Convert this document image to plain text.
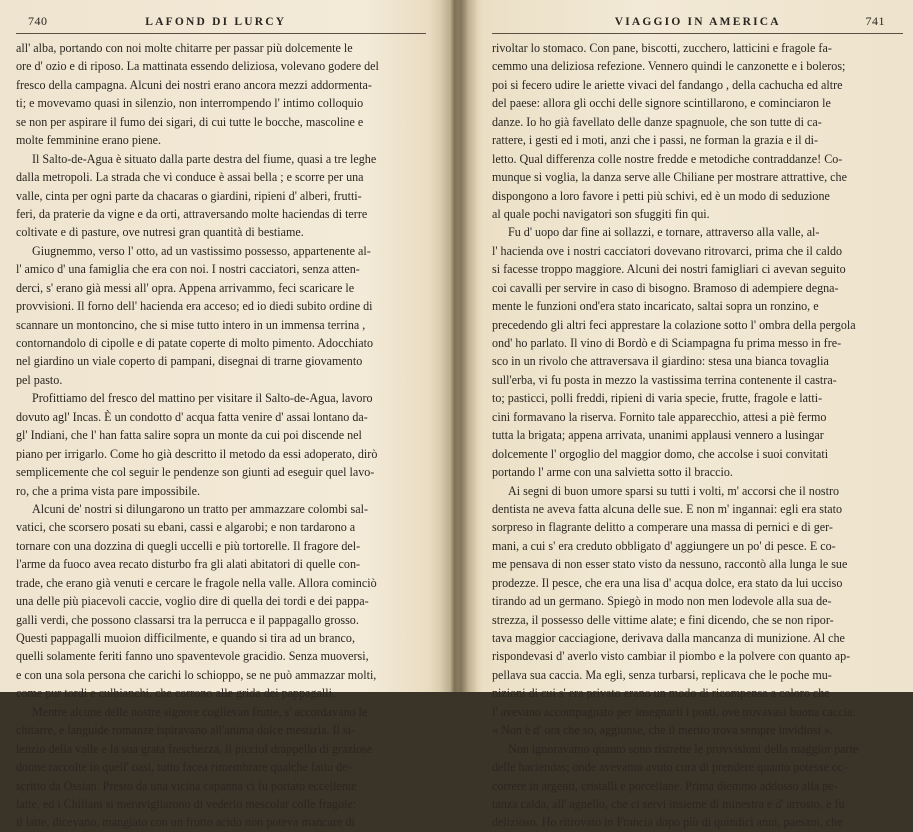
740	LAFOND DI LURCY
all' alba, portando con noi molte chitarre per passar più dolcemente le
ore d' ozio e di riposo. La mattinata essendo deliziosa, volevano godere del
fresco della campagna. Alcuni dei nostri erano ancora mezzi addormenta-
ti; e movevamo quasi in silenzio, non interrompendo l' intimo colloquio
se non per aspirare il fumo dei sigari, di cui tutte le bocche, mascoline e
molte femminine erano piene.
Il Salto-de-Agua è situato dalla parte destra del fiume, quasi a tre leghe
dalla metropoli. La strada che vi conduce è assai bella ; e scorre per una
valle, cinta per ogni parte da chacaras o giardini, ripieni d' alberi, frutti-
feri, da praterie da vigne e da orti, attraversando molte haciendas di terre
coltivate e di pasture, ove nutresi gran quantità di bestiame.
Giugnemmo, verso l' otto, ad un vastissimo possesso, appartenente al-
l' amico d' una famiglia che era con noi. I nostri cacciatori, senza atten-
derci, s' erano già messi all' opra. Appena arrivammo, feci scaricare le
provvisioni. Il forno dell' hacienda era acceso; ed io diedi subito ordine di
scannare un montoncino, che si mise tutto intero in un immensa terrina ,
contornandolo di cipolle e di patate coperte di molto pimento. Adocchiato
nel giardino un viale coperto di pampani, disegnai di trarne giovamento
pel pasto.
Profittiamo del fresco del mattino per visitare il Salto-de-Agua, lavoro
dovuto agl' Incas. È un condotto d' acqua fatta venire d' assai lontano da-
gl' Indiani, che l' han fatta salire sopra un monte da cui poi discende nel
piano per irrigarlo. Come ho già descritto il metodo da essi adoperato, dirò
semplicemente che col seguir le pendenze son giunti ad eseguir quel lavo-
ro, che a prima vista pare impossibile.
Alcuni de' nostri si dilungarono un tratto per ammazzare colombi sal-
vatici, che scorsero posati su ebani, cassi e algarobi; e non tardarono a
tornare con una dozzina di quegli uccelli e più tortorelle. Il fragore del-
l'arme da fuoco avea recato disturbo fra gli alati abitatori di quelle con-
trade, che erano già venuti e cercare le fragole nella valle. Allora cominciò
una delle più piacevoli caccie, voglio dire di quella dei tordi e dei pappa-
galli verdi, che possono classarsi tra la perrucca e il pappagallo grosso.
Questi pappagalli muoion difficilmente, e quando si tira ad un branco,
quelli solamente feriti fanno uno spaventevole gracidio. Senza muoversi,
e con una sola persona che carichi lo schioppo, se ne può ammazzar molti,
come pur tordi e culbianchi, che corrono alle grida dei pappagalli.
Mentre alcune delle nostre signore coglievan frutte, s' accordavano le
chitarre, e languide romanze ispiravano all'anima dolce mestizia. Il si-
lenzio della valle e la sua grata freschezza, il picciol drappello di graziose
donne raccolte in quell' oasi, tutto facea rimembrare qualche fatto de-
scritto da Ossian. Presto da una vicina capanna ci fu portato eccellente
latte, ed i Chiliani si meravigliarono di vederlo mescolar colle fragole:
il latte, dicevano, mangiato con un frutto acido non poteva mancare di
VIAGGIO IN AMERICA	741
rivoltar lo stomaco. Con pane, biscotti, zucchero, latticini e fragole fa-
cemmo una deliziosa refezione. Vennero quindi le canzonette e i boleros;
poi si fecero udire le ariette vivaci del fandango , della cachucha ed altre
del paese: allora gli occhi delle signore scintillarono, e cominciaron le
danze. Io ho già favellato delle danze spagnuole, che son tutte di ca-
rattere, i gesti ed i moti, anzi che i passi, ne forman la grazia e il di-
letto. Qual differenza colle nostre fredde e metodiche contraddanze! Co-
munque si voglia, la danza serve alle Chiliane per mostrare attrattive, che
dispongono a loro favore i petti più schivi, ed è un modo di seduzione
al quale pochi navigatori son sfuggiti fin qui.
Fu d' uopo dar fine ai sollazzi, e tornare, attraverso alla valle, al-
l' hacienda ove i nostri cacciatori dovevano ritrovarci, prima che il caldo
si facesse troppo maggiore. Alcuni dei nostri famigliari ci avevan seguito
coi cavalli per servire in caso di bisogno. Bramoso di adempiere degna-
mente le funzioni ond'era stato incaricato, saltai sopra un ronzino, e
precedendo gli altri feci apprestare la colazione sotto l' ombra della pergola
ond' ho parlato. Il vino di Bordò e di Sciampagna fu prima messo in fre-
sco in un rivolo che attraversava il giardino: stesa una bianca tovaglia
sull'erba, vi fu posta in mezzo la vastissima terrina contenente il castra-
to; pasticci, polli freddi, ripieni di varia specie, frutte, fragole e latti-
cini formavano la riserva. Fornito tale apparecchio, attesi a piè fermo
tutta la brigata; appena arrivata, unanimi applausi vennero a lusingar
dolcemente l' orgoglio del maggior domo, che accolse i suoi convitati
portando l' arme con una salvietta sotto il braccio.
Ai segni di buon umore sparsi su tutti i volti, m' accorsi che il nostro
dentista ne aveva fatta alcuna delle sue. E non m' ingannai: egli era stato
sorpreso in flagrante delitto a comperare una massa di pernici e di ger-
mani, a cui s' era creduto obbligato d' aggiungere un po' di pesce. E co-
me pensava di non esser stato visto da nessuno, raccontò alla lunga le sue
prodezze. Il pesce, che era una lisa d' acqua dolce, era stato da lui ucciso
tirando ad un germano. Spiegò in modo non men lodevole alla sua de-
strezza, il possesso delle vittime alate; e fini dicendo, che se non ripor-
tava maggior cacciagione, derivava dalla mancanza di munizione. Al che
rispondevasi d' averlo visto cambiar il piombo e la polvere con quanto ap-
pellava sua caccia. Ma egli, senza turbarsi, replicava che le poche mu-
nizioni di cui s' era privato erano un modo di ricompensa a coloro che
l' avevano accompagnato per insegnarli i posti, ove trovavasi buona caccia.
« Non è d' ora che so, aggiunse, che il merito trova sempre invidiosi ».
Non ignoravamo quanto sono ristrette le provvisioni della maggior parte
delle haciendas; onde avevamo avuto cura di prendere quanto potesse oc-
correre in argenti, cristalli e porcellane. Prima diemmo addosso alla pe-
tanza calda, all' agnello, che ci servì insieme di minestra e d' arrosto, e fu
delizioso. Ho ritrovato in Francia dopo più di quindici anni, paesani, che
